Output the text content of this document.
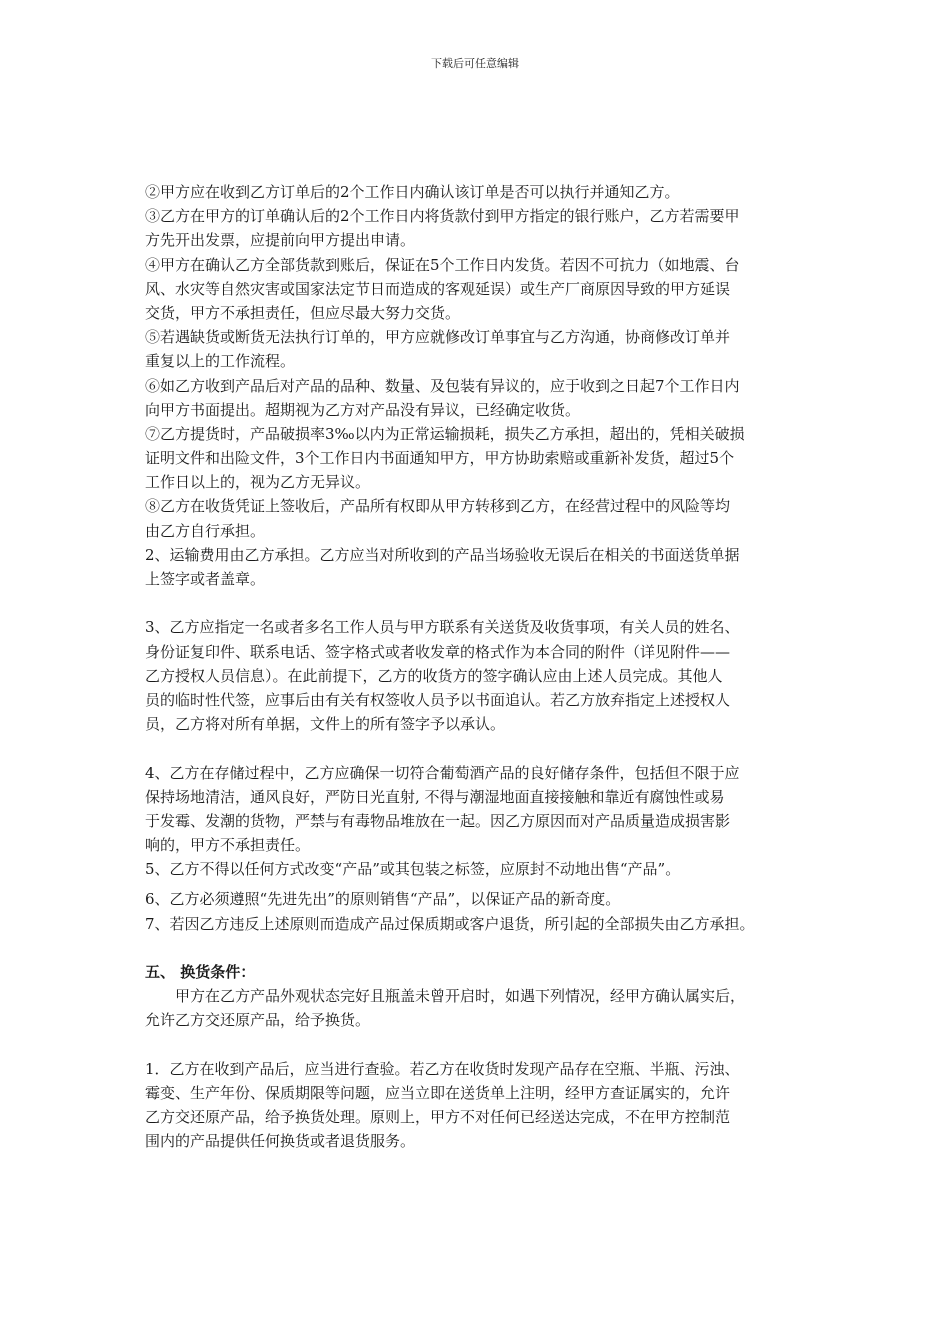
下载后可任意编辑
②甲方应在收到乙方订单后的2个工作日内确认该订单是否可以执行并通知乙方。
③乙方在甲方的订单确认后的2个工作日内将货款付到甲方指定的银行账户，乙方若需要甲
方先开出发票，应提前向甲方提出申请。
④甲方在确认乙方全部货款到账后，保证在5个工作日内发货。若因不可抗力（如地震、台
风、水灾等自然灾害或国家法定节日而造成的客观延误）或生产厂商原因导致的甲方延误
交货，甲方不承担责任，但应尽最大努力交货。
⑤若遇缺货或断货无法执行订单的，甲方应就修改订单事宜与乙方沟通，协商修改订单并
重复以上的工作流程。
⑥如乙方收到产品后对产品的品种、数量、及包装有异议的，应于收到之日起7个工作日内
向甲方书面提出。超期视为乙方对产品没有异议，已经确定收货。
⑦乙方提货时，产品破损率3‰以内为正常运输损耗，损失乙方承担，超出的，凭相关破损
证明文件和出险文件，3个工作日内书面通知甲方，甲方协助索赔或重新补发货，超过5个
工作日以上的，视为乙方无异议。
⑧乙方在收货凭证上签收后，产品所有权即从甲方转移到乙方，在经营过程中的风险等均
由乙方自行承担。
2、运输费用由乙方承担。乙方应当对所收到的产品当场验收无误后在相关的书面送货单据
上签字或者盖章。
3、乙方应指定一名或者多名工作人员与甲方联系有关送货及收货事项，有关人员的姓名、
身份证复印件、联系电话、签字格式或者收发章的格式作为本合同的附件（详见附件——
乙方授权人员信息）。在此前提下，乙方的收货方的签字确认应由上述人员完成。其他人
员的临时性代签，应事后由有关有权签收人员予以书面追认。若乙方放弃指定上述授权人
员，乙方将对所有单据，文件上的所有签字予以承认。
4、乙方在存储过程中，乙方应确保一切符合葡萄酒产品的良好储存条件，包括但不限于应
保持场地清洁，通风良好，严防日光直射, 不得与潮湿地面直接接触和靠近有腐蚀性或易
于发霉、发潮的货物，严禁与有毒物品堆放在一起。因乙方原因而对产品质量造成损害影
响的，甲方不承担责任。
5、乙方不得以任何方式改变“产品”或其包装之标签，应原封不动地出售“产品”。
6、乙方必须遵照“先进先出”的原则销售“产品”，以保证产品的新奇度。
7、若因乙方违反上述原则而造成产品过保质期或客户退货，所引起的全部损失由乙方承担。
五、 换货条件：
甲方在乙方产品外观状态完好且瓶盖未曾开启时，如遇下列情况，经甲方确认属实后，
允许乙方交还原产品，给予换货。
1．乙方在收到产品后，应当进行查验。若乙方在收货时发现产品存在空瓶、半瓶、污浊、
霉变、生产年份、保质期限等问题，应当立即在送货单上注明，经甲方查证属实的，允许
乙方交还原产品，给予换货处理。原则上，甲方不对任何已经送达完成，不在甲方控制范
围内的产品提供任何换货或者退货服务。
